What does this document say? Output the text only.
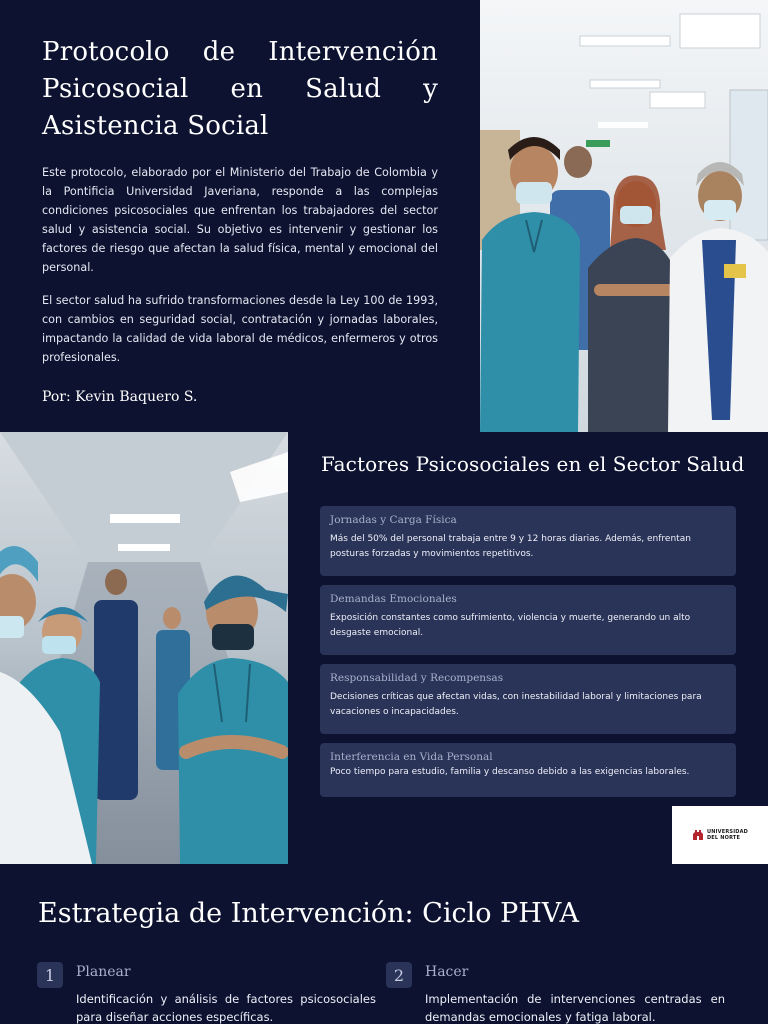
Protocolo de Intervención Psicosocial en Salud y Asistencia Social

Este protocolo, elaborado por el Ministerio del Trabajo de Colombia y la Pontificia Universidad Javeriana, responde a las complejas condiciones psicosociales que enfrentan los trabajadores del sector salud y asistencia social. Su objetivo es intervenir y gestionar los factores de riesgo que afectan la salud física, mental y emocional del personal.

El sector salud ha sufrido transformaciones desde la Ley 100 de 1993, con cambios en seguridad social, contratación y jornadas laborales, impactando la calidad de vida laboral de médicos, enfermeros y otros profesionales.

Por: Kevin Baquero S.
Factores Psicosociales en el Sector Salud
Jornadas y Carga Física
Más del 50% del personal trabaja entre 9 y 12 horas diarias. Además, enfrentan posturas forzadas y movimientos repetitivos.
Demandas Emocionales
Exposición constantes como sufrimiento, violencia y muerte, generando un alto desgaste emocional.
Responsabilidad y Recompensas
Decisiones críticas que afectan vidas, con inestabilidad laboral y limitaciones para vacaciones o incapacidades.
Interferencia en Vida Personal
Poco tiempo para estudio, familia y descanso debido a las exigencias laborales.
UNIVERSIDAD
DEL NORTE
Estrategia de Intervención: Ciclo PHVA
1	Planear
Identificación y análisis de factores psicosociales para diseñar acciones específicas.
2	Hacer
Implementación de intervenciones centradas en demandas emocionales y fatiga laboral.
